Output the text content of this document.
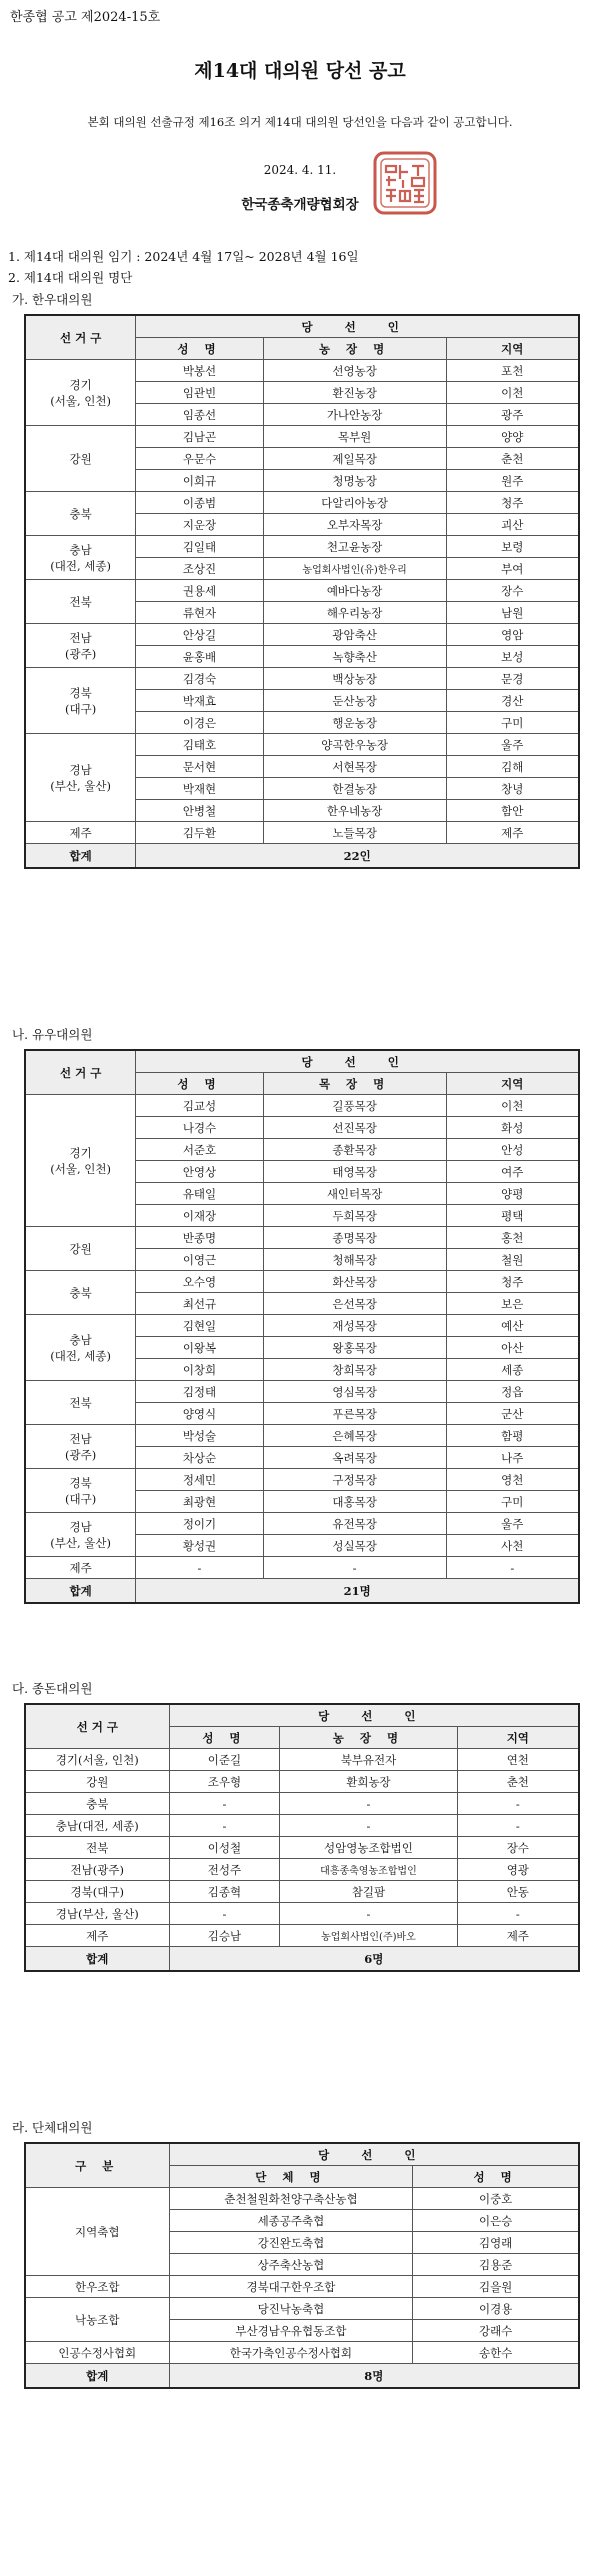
한종협 공고 제2024-15호
제14대 대의원 당선 공고
본회 대의원 선출규정 제16조 의거 제14대 대의원 당선인을 다음과 같이 공고합니다.
2024. 4. 11.
한국종축개량협회장
1. 제14대 대의원 임기 : 2024년 4월 17일~ 2028년 4월 16일
2. 제14대 대의원 명단
가. 한우대의원
선 거 구	당 선 인		
	성 명	농 장 명	지역
경기
(서울, 인천)	박봉선	선영농장	포천
	임관빈	환진농장	이천
	임종선	가나안농장	광주
강원	김남곤	목부원	양양
	우문수	제일목장	춘천
	이희규	청명농장	원주
충북	이종범	다알리아농장	청주
	지운장	오부자목장	괴산
충남
(대전, 세종)	김일태	천고윤농장	보령
	조상진	농업회사법인(유)한우리	부여
전북	권용세	예바다농장	장수
	류현자	해우리농장	남원
전남
(광주)	안상길	광암축산	영암
	윤홍배	녹향축산	보성
경북
(대구)	김경숙	백상농장	문경
	박재효	둔산농장	경산
	이경은	행운농장	구미
경남
(부산, 울산)	김태호	양곡한우농장	울주
	문서현	서현목장	김해
	박재현	한결농장	창녕
	안병철	한우네농장	함안
제주	김두환	노들목장	제주
합계	22인		
나. 유우대의원
선 거 구	당 선 인		
	성 명	목 장 명	지역
경기
(서울, 인천)	김교성	길풍목장	이천
	나경수	선진목장	화성
	서준호	종환목장	안성
	안영상	태영목장	여주
	유태일	새인터목장	양평
	이재장	두희목장	평택
강원	반종명	종명목장	홍천
	이영근	청해목장	철원
충북	오수영	화산목장	청주
	최선규	은선목장	보은
충남
(대전, 세종)	김현일	재성목장	예산
	이왕복	왕홍목장	아산
	이창희	창희목장	세종
전북	김정태	영심목장	정읍
	양영식	푸른목장	군산
전남
(광주)	박성술	은혜목장	함평
	차상순	옥려목장	나주
경북
(대구)	정세민	구정목장	영천
	최광현	대홍목장	구미
경남
(부산, 울산)	정이기	유전목장	울주
	황성권	성실목장	사천
제주	-	-	-
합계	21명		
다. 종돈대의원
선 거 구	당 선 인		
	성 명	농 장 명	지역
경기(서울, 인천)	이준길	북부유전자	연천
강원	조우형	환희농장	춘천
충북	-	-	-
충남(대전, 세종)	-	-	-
전북	이성철	성암영농조합법인	장수
전남(광주)	전성주	대흥종축영농조합법인	영광
경북(대구)	김종혁	참길팜	안동
경남(부산, 울산)	-	-	-
제주	김승남	농업회사법인(주)바오	제주
합계	6명		
라. 단체대의원
구 분	당 선 인	
	단 체 명	성 명
지역축협	춘천철원화천양구축산농협	이중호
	세종공주축협	이은승
	강진완도축협	김영래
	상주축산농협	김용준
한우조합	경북대구한우조합	김을원
낙농조합	당진낙농축협	이경용
	부산경남우유협동조합	강래수
인공수정사협회	한국가축인공수정사협회	송한수
합계	8명	
